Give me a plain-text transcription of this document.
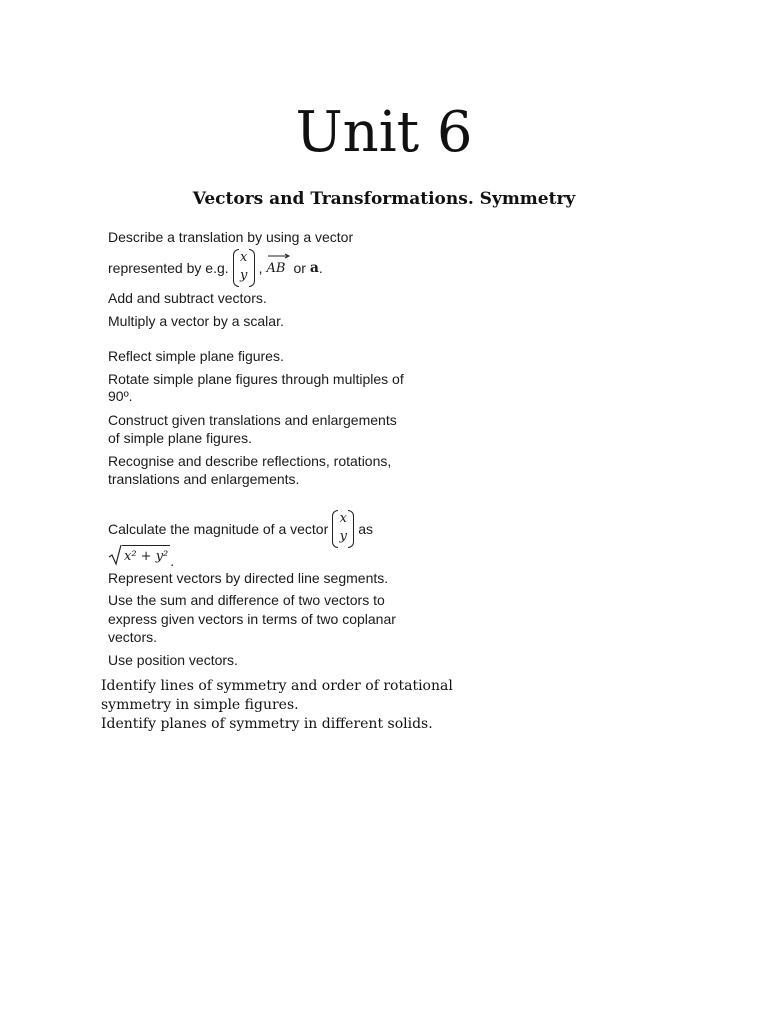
Unit 6
Vectors and Transformations. Symmetry

Describe a translation by using a vector

represented by e.g.
x
y , AB or
a .

Add and subtract vectors.

Multiply a vector by a scalar.

Reflect simple plane figures.

Rotate simple plane figures through multiples of

90º.

Construct given translations and enlargements

of simple plane figures.

Recognise and describe reflections, rotations,

translations and enlargements.

Calculate the magnitude of a vector
x
y as
x² + y² .

Represent vectors by directed line segments.

Use the sum and difference of two vectors to

express given vectors in terms of two coplanar

vectors.

Use position vectors.

Identify lines of symmetry and order of rotational

symmetry in simple figures.

Identify planes of symmetry in different solids.
